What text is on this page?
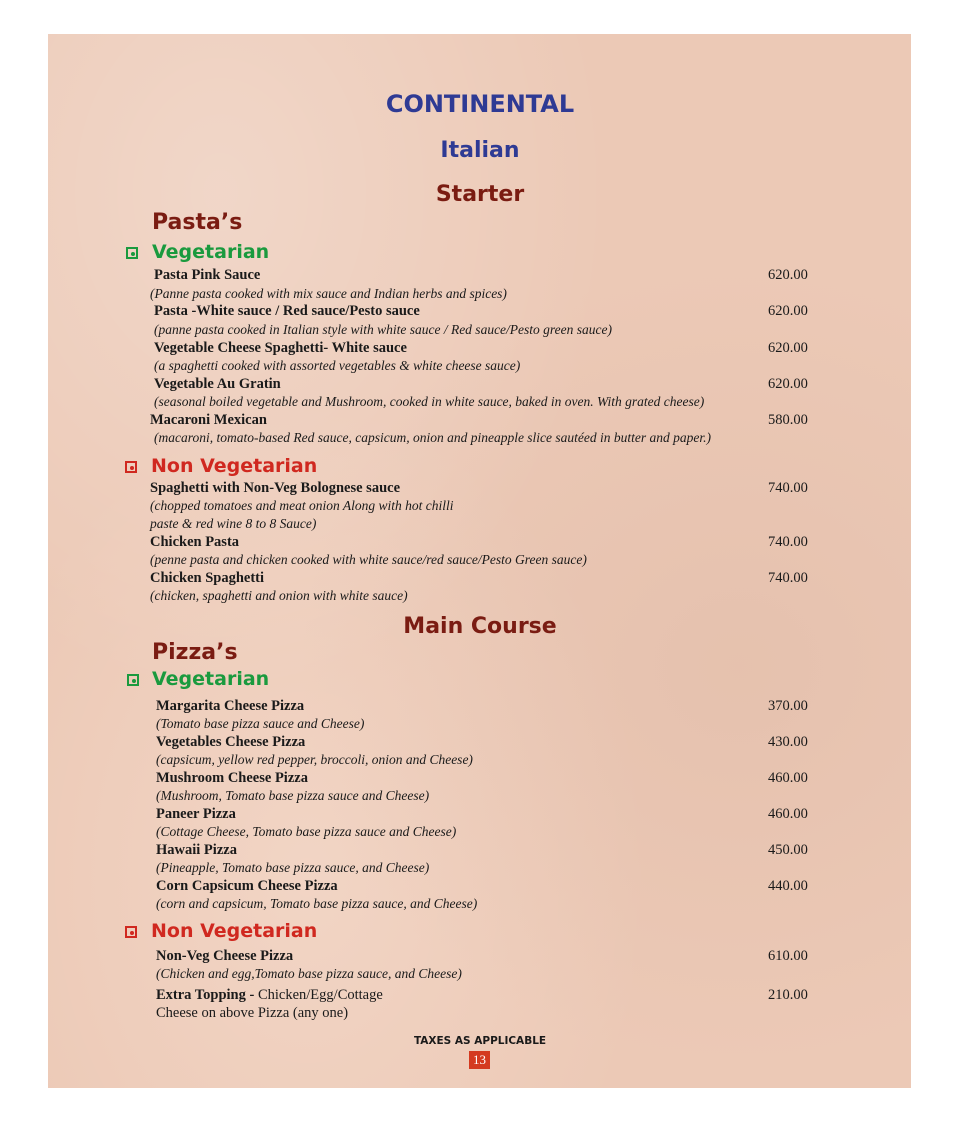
CONTINENTAL
Italian
Starter
Pasta’s
Vegetarian
Pasta Pink Sauce	620.00
(Panne pasta cooked with mix sauce and Indian herbs and spices)
Pasta -White sauce / Red sauce/Pesto sauce	620.00
(panne pasta cooked in Italian style with white sauce / Red sauce/Pesto green sauce)
Vegetable Cheese Spaghetti- White sauce	620.00
(a spaghetti cooked with assorted vegetables & white cheese sauce)
Vegetable Au Gratin	620.00
(seasonal boiled vegetable and Mushroom, cooked in white sauce, baked in oven. With grated cheese)
Macaroni Mexican	580.00
(macaroni, tomato-based Red sauce, capsicum, onion and pineapple slice sautéed in butter and paper.)
Non Vegetarian
Spaghetti with Non-Veg Bolognese sauce	740.00
(chopped tomatoes and meat onion Along with hot chilli
paste & red wine 8 to 8 Sauce)
Chicken Pasta	740.00
(penne pasta and chicken cooked with white sauce/red sauce/Pesto Green sauce)
Chicken Spaghetti	740.00
(chicken, spaghetti and onion with white sauce)
Main Course
Pizza’s
Vegetarian
Margarita Cheese Pizza	370.00
(Tomato base pizza sauce and Cheese)
Vegetables Cheese Pizza	430.00
(capsicum, yellow red pepper, broccoli, onion and Cheese)
Mushroom Cheese Pizza	460.00
(Mushroom, Tomato base pizza sauce and Cheese)
Paneer Pizza	460.00
(Cottage Cheese, Tomato base pizza sauce and Cheese)
Hawaii Pizza	450.00
(Pineapple, Tomato base pizza sauce, and Cheese)
Corn Capsicum Cheese Pizza	440.00
(corn and capsicum, Tomato base pizza sauce, and Cheese)
Non Vegetarian
Non-Veg Cheese Pizza	610.00
(Chicken and egg,Tomato base pizza sauce, and Cheese)
Extra Topping - Chicken/Egg/Cottage	210.00
Cheese on above Pizza (any one)
TAXES AS APPLICABLE
13
